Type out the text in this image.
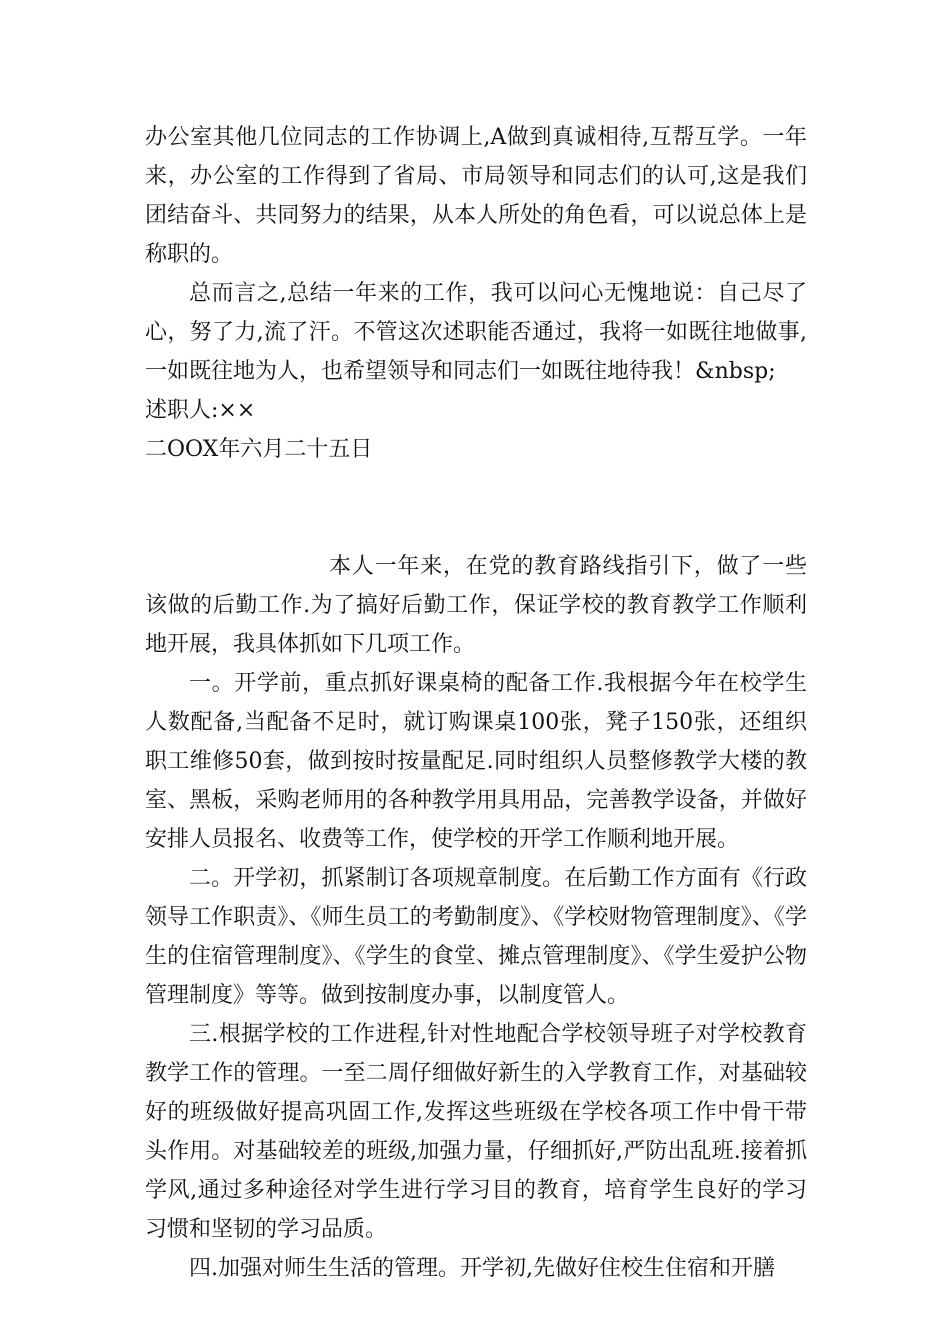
办公室其他几位同志的工作协调上,A做到真诚相待,互帮互学。一年来，办公室的工作得到了省局、市局领导和同志们的认可,这是我们团结奋斗、共同努力的结果，从本人所处的角色看，可以说总体上是称职的。

总而言之,总结一年来的工作，我可以问心无愧地说：自己尽了心，努了力,流了汗。不管这次述职能否通过，我将一如既往地做事,一如既往地为人，也希望领导和同志们一如既往地待我！&nbsp;

述职人:××

二OOX年六月二十五日

本人一年来，在党的教育路线指引下，做了一些该做的后勤工作.为了搞好后勤工作，保证学校的教育教学工作顺利地开展，我具体抓如下几项工作。

一。开学前，重点抓好课桌椅的配备工作.我根据今年在校学生人数配备,当配备不足时，就订购课桌100张，凳子150张，还组织职工维修50套，做到按时按量配足.同时组织人员整修教学大楼的教室、黑板，采购老师用的各种教学用具用品，完善教学设备，并做好安排人员报名、收费等工作，使学校的开学工作顺利地开展。

二。开学初，抓紧制订各项规章制度。在后勤工作方面有《行政领导工作职责》、《师生员工的考勤制度》、《学校财物管理制度》、《学生的住宿管理制度》、《学生的食堂、摊点管理制度》、《学生爱护公物管理制度》等等。做到按制度办事，以制度管人。

三.根据学校的工作进程,针对性地配合学校领导班子对学校教育教学工作的管理。一至二周仔细做好新生的入学教育工作，对基础较好的班级做好提高巩固工作,发挥这些班级在学校各项工作中骨干带头作用。对基础较差的班级,加强力量，仔细抓好,严防出乱班.接着抓学风,通过多种途径对学生进行学习目的教育，培育学生良好的学习习惯和坚韧的学习品质。

四.加强对师生生活的管理。开学初,先做好住校生住宿和开膳
